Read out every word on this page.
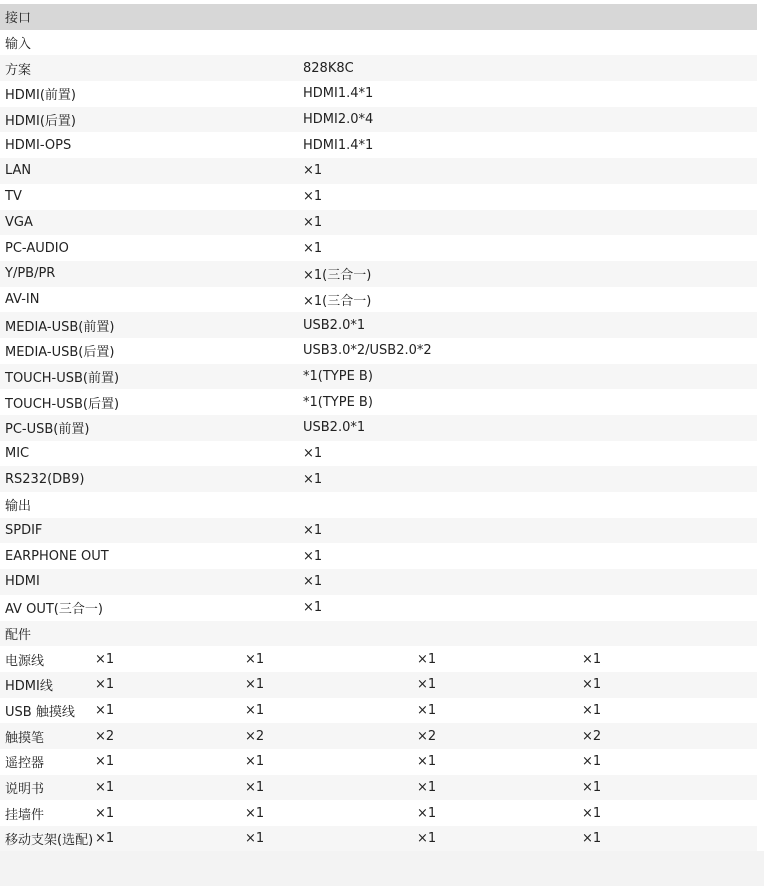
接口
输入
方案	828K8C
HDMI(前置)	HDMI1.4*1
HDMI(后置)	HDMI2.0*4
HDMI-OPS	HDMI1.4*1
LAN	×1
TV	×1
VGA	×1
PC-AUDIO	×1
Y/PB/PR	×1(三合一)
AV-IN	×1(三合一)
MEDIA-USB(前置)	USB2.0*1
MEDIA-USB(后置)	USB3.0*2/USB2.0*2
TOUCH-USB(前置)	*1(TYPE B)
TOUCH-USB(后置)	*1(TYPE B)
PC-USB(前置)	USB2.0*1
MIC	×1
RS232(DB9)	×1
输出
SPDIF	×1
EARPHONE OUT	×1
HDMI	×1
AV OUT(三合一)	×1
配件
电源线	×1	×1	×1	×1
HDMI线	×1	×1	×1	×1
USB 触摸线	×1	×1	×1	×1
触摸笔	×2	×2	×2	×2
遥控器	×1	×1	×1	×1
说明书	×1	×1	×1	×1
挂墙件	×1	×1	×1	×1
移动支架(选配) ×1	×1	×1	×1
